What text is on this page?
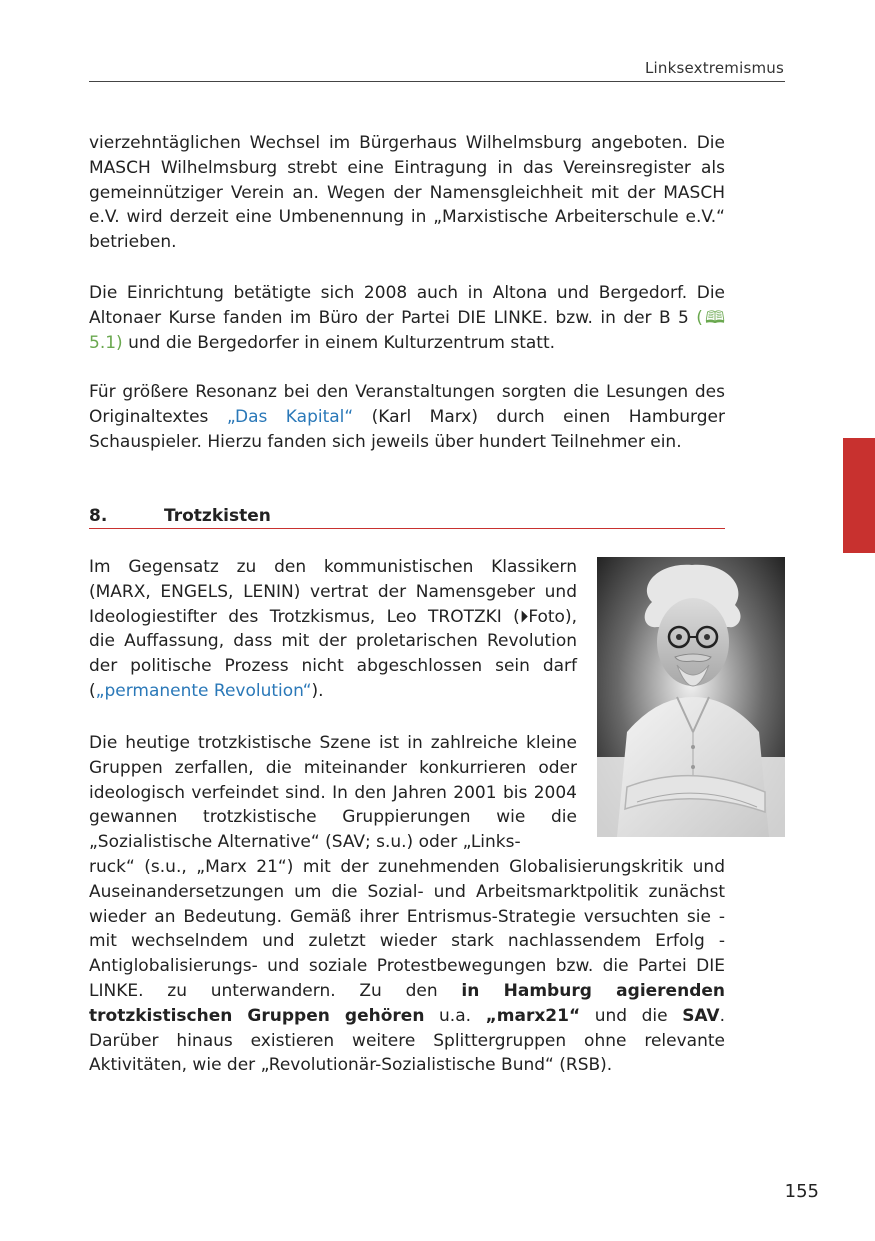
Linksextremismus

vierzehntäglichen Wechsel im Bürgerhaus Wilhelmsburg angeboten. Die MASCH Wilhelmsburg strebt eine Eintragung in das Vereinsregister als gemeinnütziger Verein an. Wegen der Namensgleichheit mit der MASCH e.V. wird derzeit eine Umbenennung in „Marxistische Arbeiterschule e.V.“ betrieben.

Die Einrichtung betätigte sich 2008 auch in Altona und Bergedorf. Die Altonaer Kurse fanden im Büro der Partei DIE LINKE. bzw. in der B 5 (🕮 5.1) und die Bergedorfer in einem Kulturzentrum statt.

Für größere Resonanz bei den Veranstaltungen sorgten die Lesungen des Originaltextes „Das Kapital“ (Karl Marx) durch einen Hamburger Schauspieler. Hierzu fanden sich jeweils über hundert Teilnehmer ein.

8.	Trotzkisten

Im Gegensatz zu den kommunistischen Klassikern (MARX, ENGELS, LENIN) vertrat der Namensgeber und Ideologiestifter des Trotzkismus, Leo TROTZKI (⏵Foto), die Auffassung, dass mit der proletarischen Revolution der politische Prozess nicht abgeschlossen sein darf („permanente Revolution“).

Die heutige trotzkistische Szene ist in zahlreiche kleine Gruppen zerfallen, die miteinander konkurrieren oder ideologisch verfeindet sind. In den Jahren 2001 bis 2004 gewannen trotzkistische Gruppierungen wie die „Sozialistische Alternative“ (SAV; s.u.) oder „Links-

ruck“ (s.u., „Marx 21“) mit der zunehmenden Globalisierungskritik und Auseinandersetzungen um die Sozial- und Arbeitsmarktpolitik zunächst wieder an Bedeutung. Gemäß ihrer Entrismus-Strategie versuchten sie - mit wechselndem und zuletzt wieder stark nachlassendem Erfolg - Antiglobalisierungs- und soziale Protestbewegungen bzw. die Partei DIE LINKE. zu unterwandern. Zu den in Hamburg agierenden trotzkistischen Gruppen gehören u.a. „marx21“ und die SAV. Darüber hinaus existieren weitere Splittergruppen ohne relevante Aktivitäten, wie der „Revolutionär-Sozialistische Bund“ (RSB).

155
